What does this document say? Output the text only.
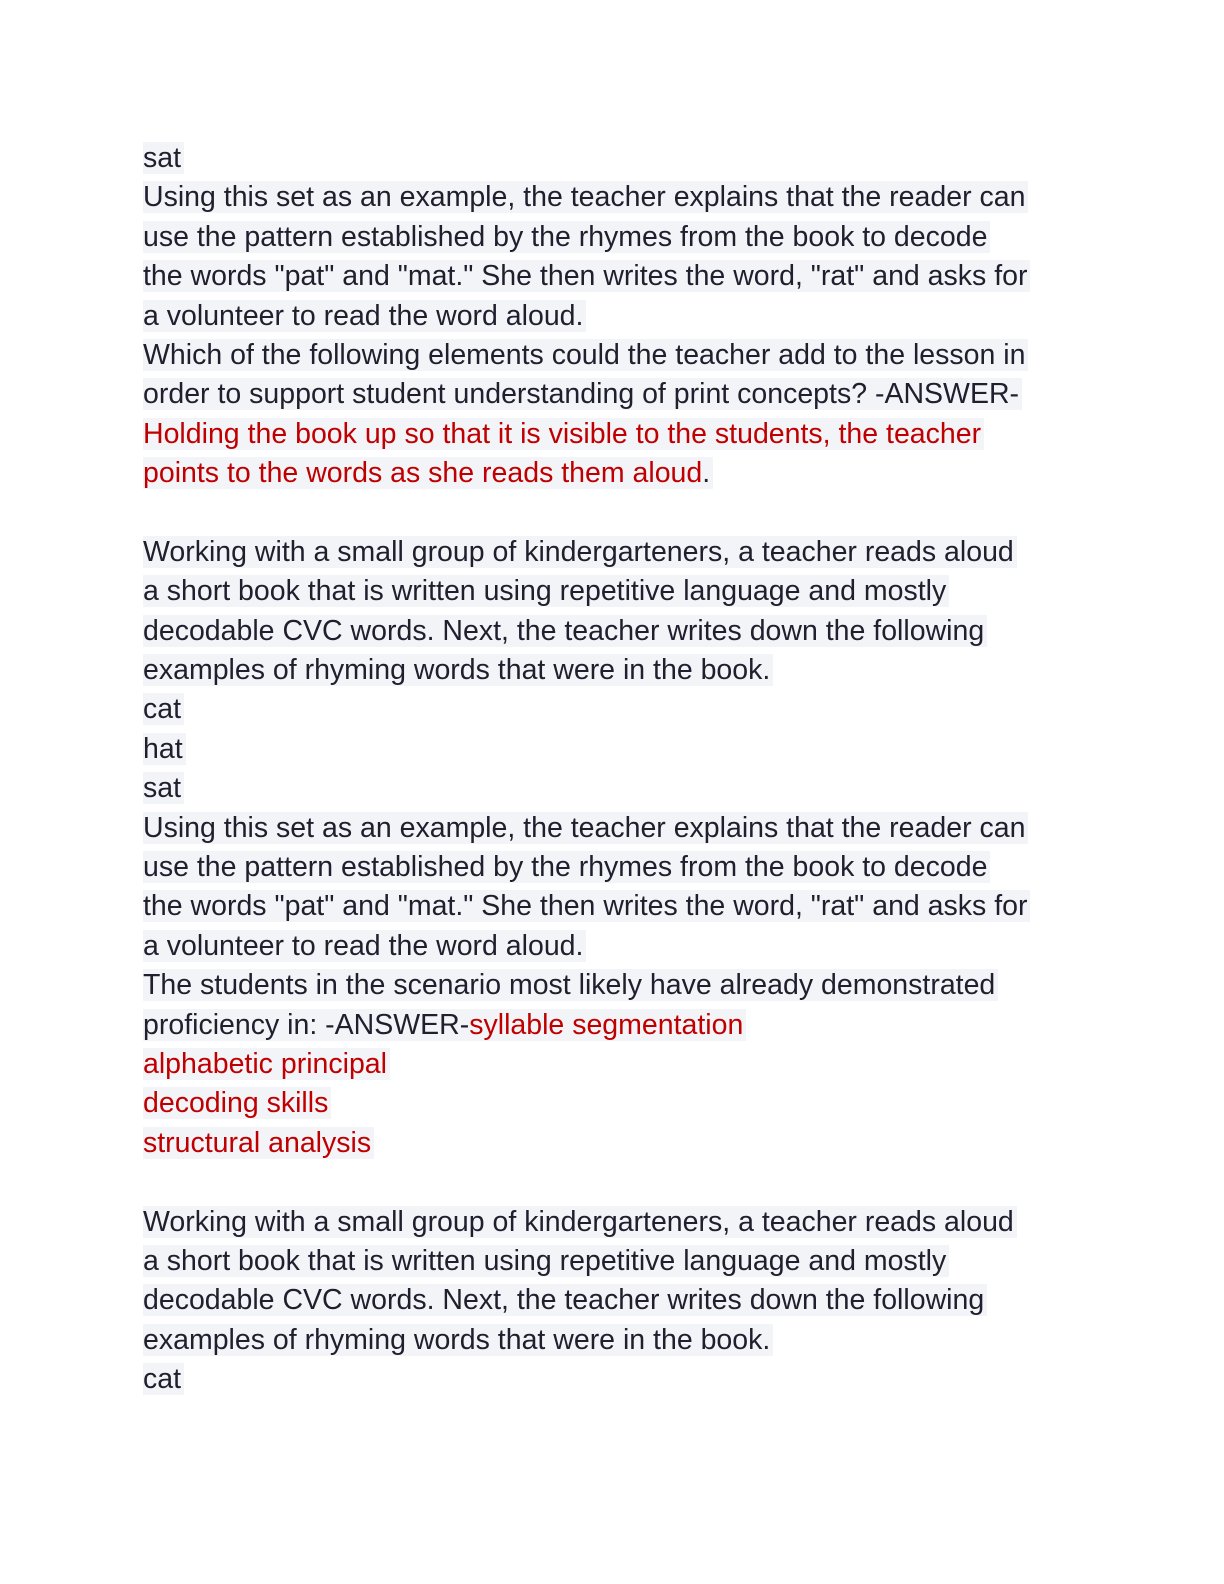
sat
Using this set as an example, the teacher explains that the reader can
use the pattern established by the rhymes from the book to decode
the words "pat" and "mat." She then writes the word, "rat" and asks for
a volunteer to read the word aloud.
Which of the following elements could the teacher add to the lesson in
order to support student understanding of print concepts? -ANSWER-
Holding the book up so that it is visible to the students, the teacher
points to the words as she reads them aloud.
Working with a small group of kindergarteners, a teacher reads aloud
a short book that is written using repetitive language and mostly
decodable CVC words. Next, the teacher writes down the following
examples of rhyming words that were in the book.
cat
hat
sat
Using this set as an example, the teacher explains that the reader can
use the pattern established by the rhymes from the book to decode
the words "pat" and "mat." She then writes the word, "rat" and asks for
a volunteer to read the word aloud.
The students in the scenario most likely have already demonstrated
proficiency in: -ANSWER-syllable segmentation
alphabetic principal
decoding skills
structural analysis
Working with a small group of kindergarteners, a teacher reads aloud
a short book that is written using repetitive language and mostly
decodable CVC words. Next, the teacher writes down the following
examples of rhyming words that were in the book.
cat
